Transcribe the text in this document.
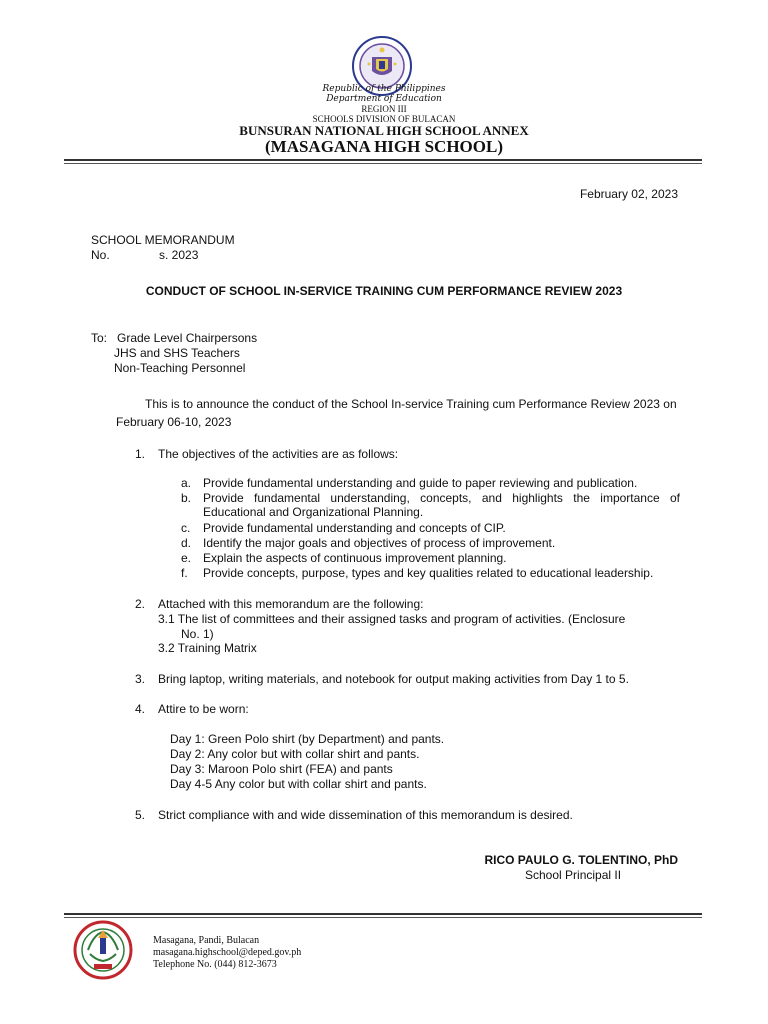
Republic of the Philippines
Department of Education
REGION III
SCHOOLS DIVISION OF BULACAN
BUNSURAN NATIONAL HIGH SCHOOL ANNEX
(MASAGANA HIGH SCHOOL)
February 02, 2023
SCHOOL MEMORANDUM
No.	s. 2023
CONDUCT OF SCHOOL IN-SERVICE TRAINING CUM PERFORMANCE REVIEW 2023
To: Grade Level Chairpersons
JHS and SHS Teachers
Non-Teaching Personnel
This is to announce the conduct of the School In-service Training cum Performance Review 2023 on
February 06-10, 2023
1. The objectives of the activities are as follows:
a. Provide fundamental understanding and guide to paper reviewing and publication.
b. Provide fundamental understanding, concepts, and highlights the importance of
Educational and Organizational Planning.
c. Provide fundamental understanding and concepts of CIP.
d. Identify the major goals and objectives of process of improvement.
e. Explain the aspects of continuous improvement planning.
f. Provide concepts, purpose, types and key qualities related to educational leadership.
2. Attached with this memorandum are the following:
3.1 The list of committees and their assigned tasks and program of activities. (Enclosure
No. 1)
3.2 Training Matrix
3. Bring laptop, writing materials, and notebook for output making activities from Day 1 to 5.
4. Attire to be worn:
Day 1: Green Polo shirt (by Department) and pants.
Day 2: Any color but with collar shirt and pants.
Day 3: Maroon Polo shirt (FEA) and pants
Day 4-5 Any color but with collar shirt and pants.
5. Strict compliance with and wide dissemination of this memorandum is desired.
RICO PAULO G. TOLENTINO, PhD
School Principal II
Masagana, Pandi, Bulacan
masagana.highschool@deped.gov.ph
Telephone No. (044) 812-3673
